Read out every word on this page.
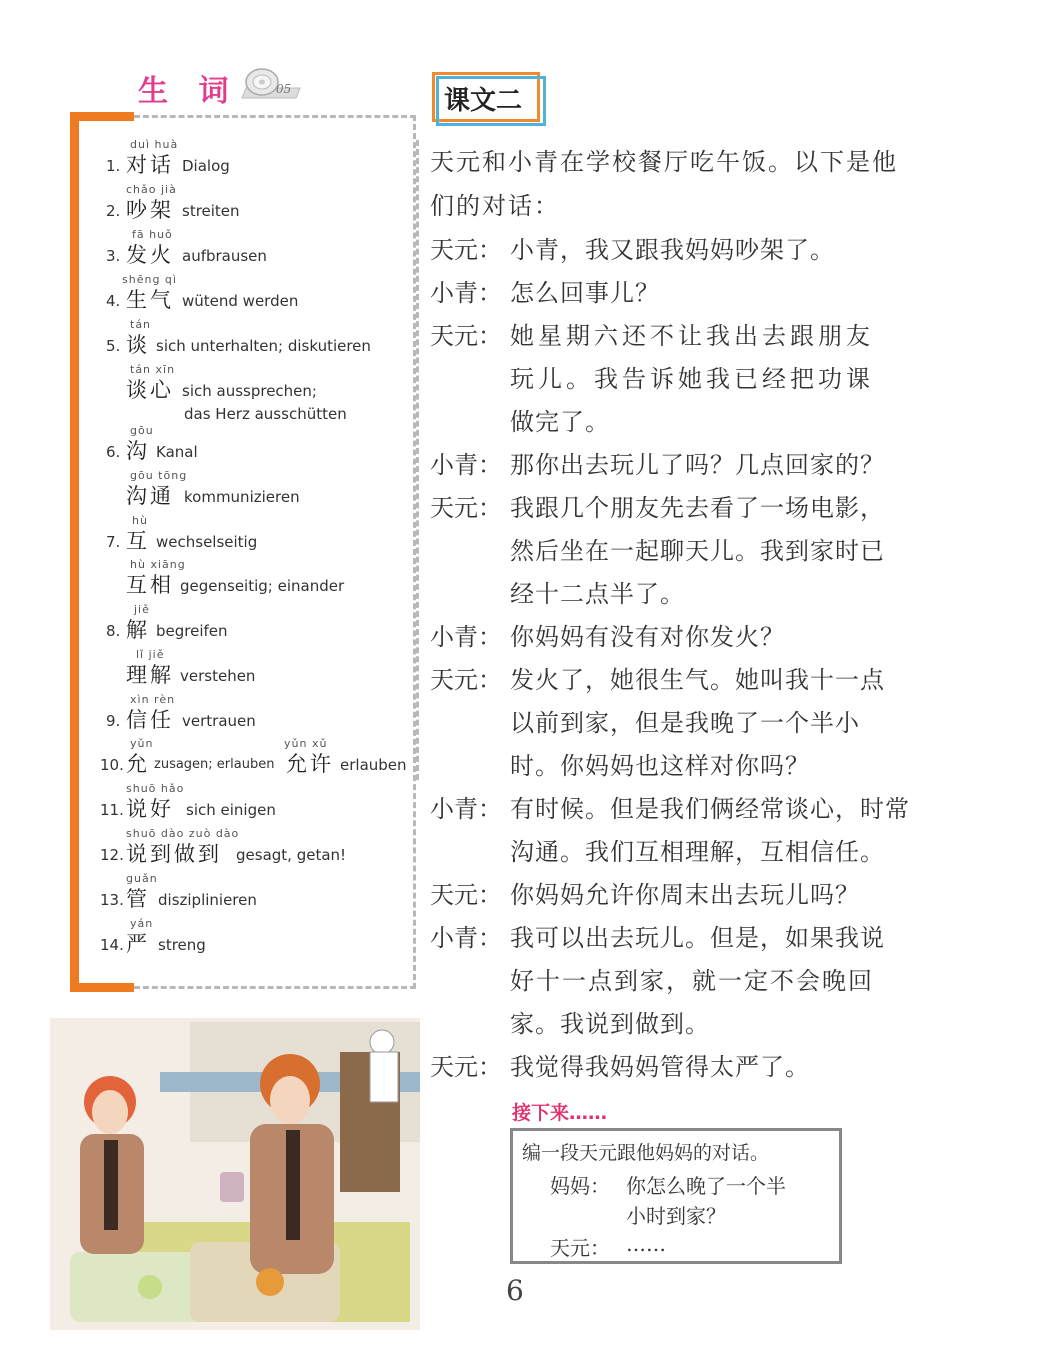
生 词	05
1.
duì huà
对话 Dialog
2.
chǎo jià
吵架 streiten
3.
fā huǒ
发火 aufbrausen
4.
shēng qì
生气 wütend werden
5.
tán
谈 sich unterhalten; diskutieren
tán xīn
谈心 sich aussprechen;
das Herz ausschütten
6.
gōu
沟 Kanal
gōu tōng
沟通 kommunizieren
7.
hù
互 wechselseitig
hù xiāng
互相 gegenseitig; einander
8.
jiě
解 begreifen
lǐ jiě
理解 verstehen
9.
xìn rèn
信任 vertrauen
10.
yǔn
允 zusagen; erlauben
yǔn xǔ
允许 erlauben
11.
shuō hǎo
说好 sich einigen
12.
shuō dào zuò dào
说到做到 gesagt, getan!
13.
guǎn
管 disziplinieren
14.
yán
严 streng
课文二
天元和小青在学校餐厅吃午饭。以下是他
们的对话：
天元： 小青，我又跟我妈妈吵架了。
小青： 怎么回事儿？
天元： 她星期六还不让我出去跟朋友
玩儿。我告诉她我已经把功课
做完了。
小青： 那你出去玩儿了吗？几点回家的？
天元： 我跟几个朋友先去看了一场电影，
然后坐在一起聊天儿。我到家时已
经十二点半了。
小青： 你妈妈有没有对你发火？
天元： 发火了，她很生气。她叫我十一点
以前到家，但是我晚了一个半小
时。你妈妈也这样对你吗？
小青： 有时候。但是我们俩经常谈心，时常
沟通。我们互相理解，互相信任。
天元： 你妈妈允许你周末出去玩儿吗？
小青： 我可以出去玩儿。但是，如果我说
好十一点到家，就一定不会晚回
家。我说到做到。
天元： 我觉得我妈妈管得太严了。
接下来……
编一段天元跟他妈妈的对话。
妈妈： 你怎么晚了一个半
小时到家？
天元： ……
6
